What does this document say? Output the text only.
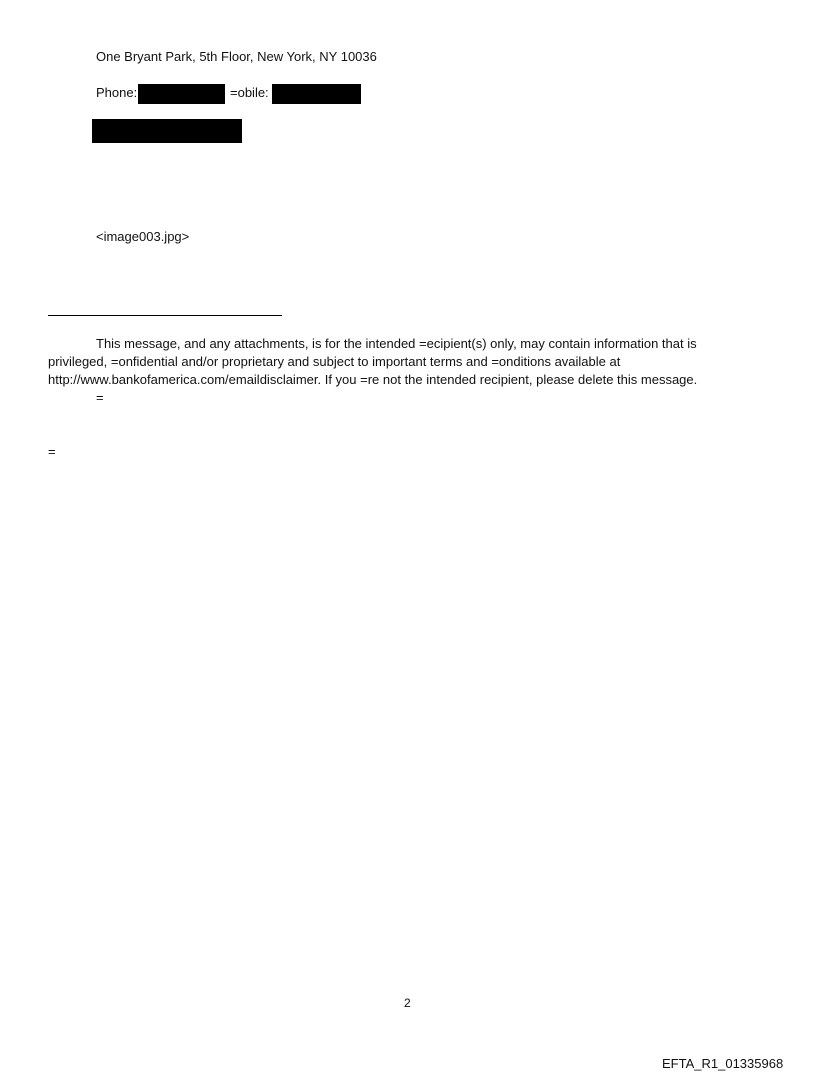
One Bryant Park, 5th Floor, New York, NY 10036
Phone:	=obile:
<image003.jpg>
This message, and any attachments, is for the intended =ecipient(s) only, may contain information that is
privileged, =onfidential and/or proprietary and subject to important terms and =onditions available at
http://www.bankofamerica.com/emaildisclaimer. If you =re not the intended recipient, please delete this message.
=
=
2
EFTA_R1_01335968
